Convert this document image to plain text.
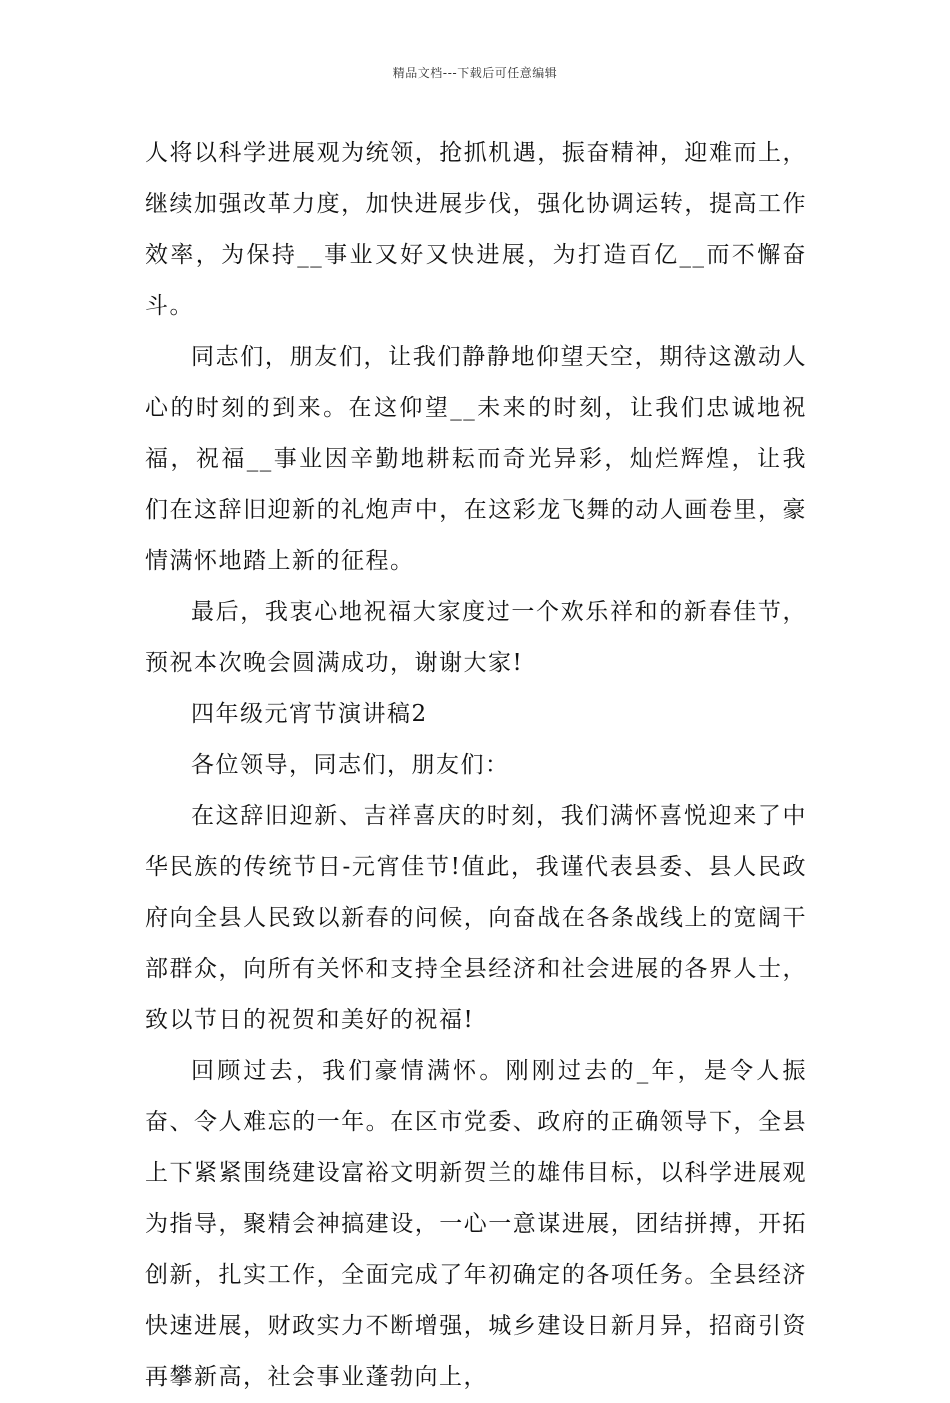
精品文档---下载后可任意编辑

人将以科学进展观为统领，抢抓机遇，振奋精神，迎难而上，继续加强改革力度，加快进展步伐，强化协调运转，提高工作效率，为保持__事业又好又快进展，为打造百亿__而不懈奋斗。

同志们，朋友们，让我们静静地仰望天空，期待这激动人心的时刻的到来。在这仰望__未来的时刻，让我们忠诚地祝福，祝福__事业因辛勤地耕耘而奇光异彩，灿烂辉煌，让我们在这辞旧迎新的礼炮声中，在这彩龙飞舞的动人画卷里，豪情满怀地踏上新的征程。

最后，我衷心地祝福大家度过一个欢乐祥和的新春佳节，预祝本次晚会圆满成功，谢谢大家!

四年级元宵节演讲稿2

各位领导，同志们，朋友们：

在这辞旧迎新、吉祥喜庆的时刻，我们满怀喜悦迎来了中华民族的传统节日-元宵佳节!值此，我谨代表县委、县人民政府向全县人民致以新春的问候，向奋战在各条战线上的宽阔干部群众，向所有关怀和支持全县经济和社会进展的各界人士，致以节日的祝贺和美好的祝福!

回顾过去，我们豪情满怀。刚刚过去的_年，是令人振奋、令人难忘的一年。在区市党委、政府的正确领导下，全县上下紧紧围绕建设富裕文明新贺兰的雄伟目标，以科学进展观为指导，聚精会神搞建设，一心一意谋进展，团结拼搏，开拓创新，扎实工作，全面完成了年初确定的各项任务。全县经济快速进展，财政实力不断增强，城乡建设日新月异，招商引资再攀新高，社会事业蓬勃向上，
